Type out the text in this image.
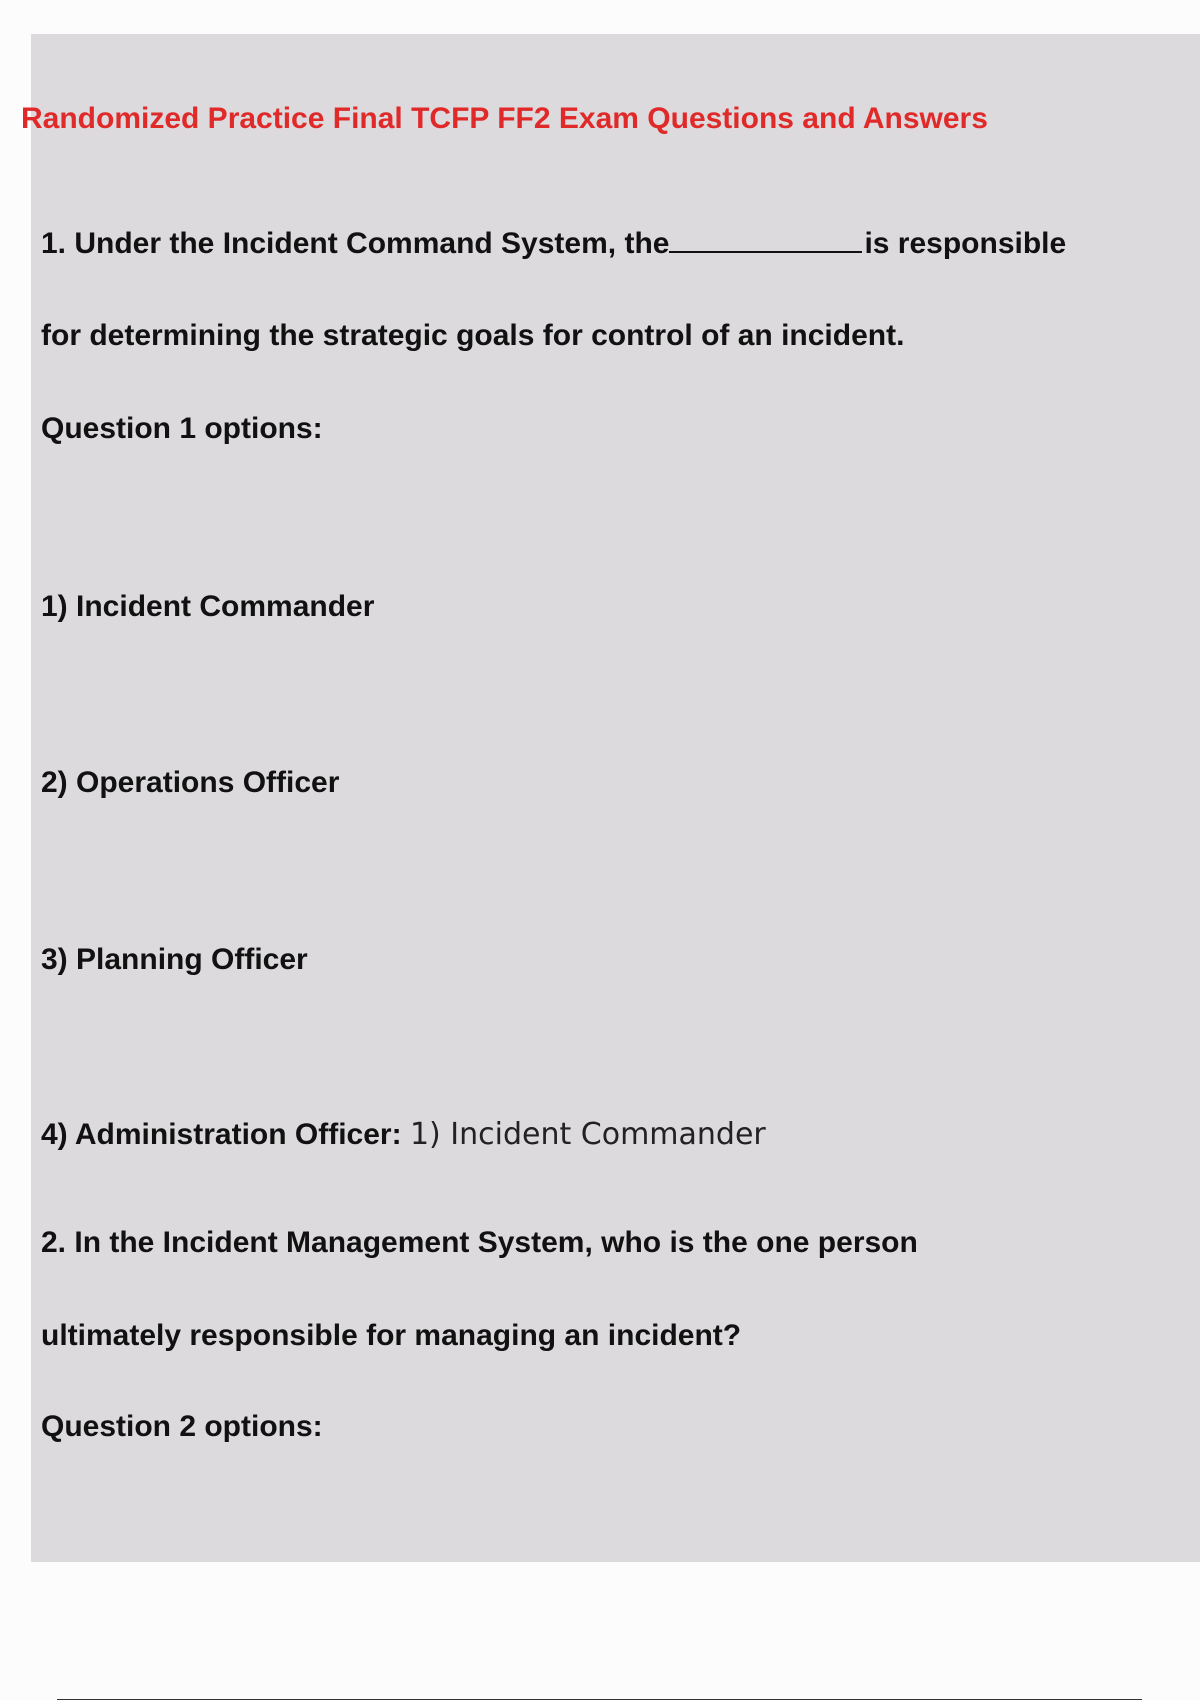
Randomized Practice Final TCFP FF2 Exam Questions and Answers

1. Under the Incident Command System, the	is responsible

for determining the strategic goals for control of an incident.

Question 1 options:

1) Incident Commander

2) Operations Officer

3) Planning Officer

4) Administration Officer: 1) Incident Commander

2. In the Incident Management System, who is the one person

ultimately responsible for managing an incident?

Question 2 options:
